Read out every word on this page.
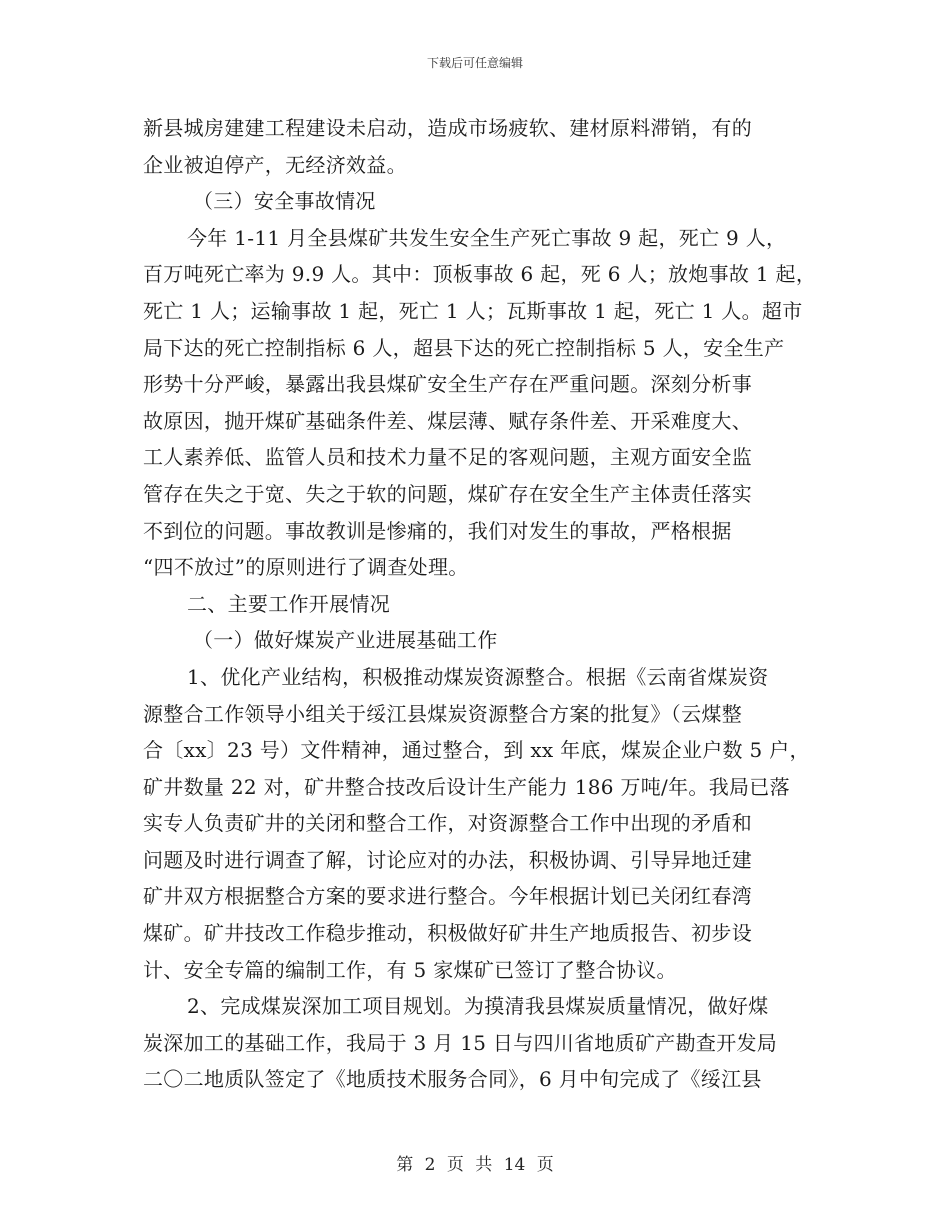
下载后可任意编辑
新县城房建建工程建设未启动，造成市场疲软、建材原料滞销，有的
企业被迫停产，无经济效益。
（三）安全事故情况
今年 1-11 月全县煤矿共发生安全生产死亡事故 9 起，死亡 9 人，
百万吨死亡率为 9.9 人。其中：顶板事故 6 起，死 6 人；放炮事故 1 起，
死亡 1 人；运输事故 1 起，死亡 1 人；瓦斯事故 1 起，死亡 1 人。超市
局下达的死亡控制指标 6 人，超县下达的死亡控制指标 5 人，安全生产
形势十分严峻，暴露出我县煤矿安全生产存在严重问题。深刻分析事
故原因，抛开煤矿基础条件差、煤层薄、赋存条件差、开采难度大、
工人素养低、监管人员和技术力量不足的客观问题，主观方面安全监
管存在失之于宽、失之于软的问题，煤矿存在安全生产主体责任落实
不到位的问题。事故教训是惨痛的，我们对发生的事故，严格根据
“四不放过”的原则进行了调查处理。
二、主要工作开展情况
（一）做好煤炭产业进展基础工作
1、优化产业结构，积极推动煤炭资源整合。根据《云南省煤炭资
源整合工作领导小组关于绥江县煤炭资源整合方案的批复》（云煤整
合〔xx〕23 号）文件精神，通过整合，到 xx 年底，煤炭企业户数 5 户，
矿井数量 22 对，矿井整合技改后设计生产能力 186 万吨/年。我局已落
实专人负责矿井的关闭和整合工作，对资源整合工作中出现的矛盾和
问题及时进行调查了解，讨论应对的办法，积极协调、引导异地迁建
矿井双方根据整合方案的要求进行整合。今年根据计划已关闭红春湾
煤矿。矿井技改工作稳步推动，积极做好矿井生产地质报告、初步设
计、安全专篇的编制工作，有 5 家煤矿已签订了整合协议。
2、完成煤炭深加工项目规划。为摸清我县煤炭质量情况，做好煤
炭深加工的基础工作，我局于 3 月 15 日与四川省地质矿产勘查开发局
二〇二地质队签定了《地质技术服务合同》，6 月中旬完成了《绥江县
第 2 页 共 14 页
